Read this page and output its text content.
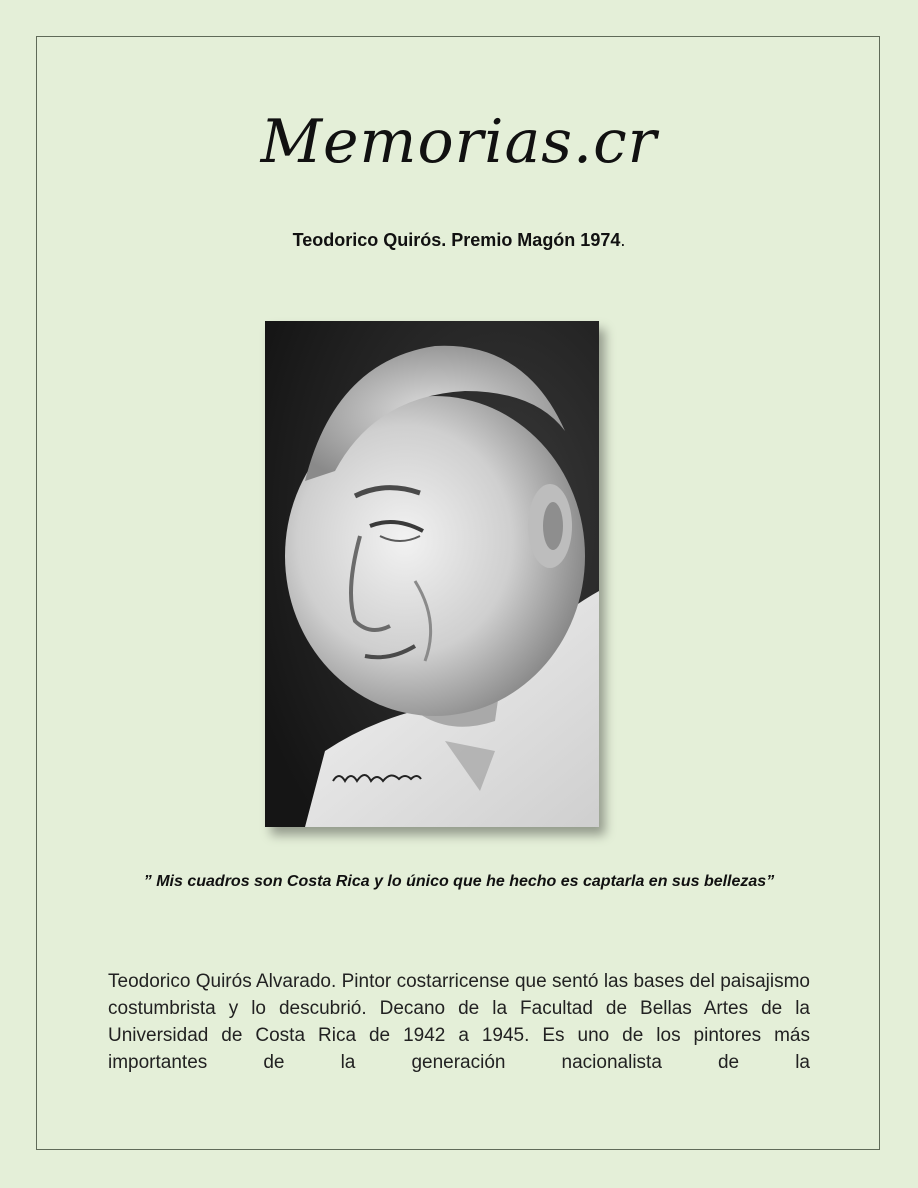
Memorias.cr
Teodorico Quirós. Premio Magón 1974.
” Mis cuadros son Costa Rica y lo único que he hecho es captarla en sus bellezas”
Teodorico Quirós Alvarado. Pintor costarricense que sentó las bases del paisajismo costumbrista y lo descubrió. Decano de la Facultad de Bellas Artes de la Universidad de Costa Rica de 1942 a 1945. Es uno de los pintores más importantes de la generación nacionalista de la
